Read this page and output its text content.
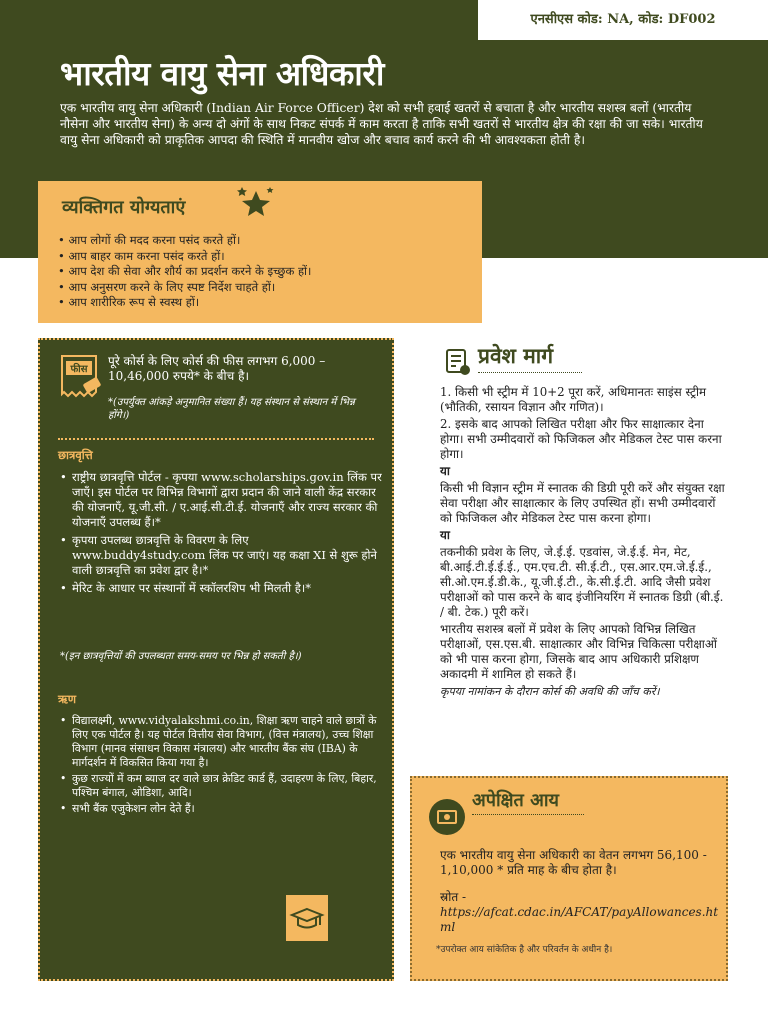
एनसीएस कोड: NA, कोड: DF002
भारतीय वायु सेना अधिकारी

एक भारतीय वायु सेना अधिकारी (Indian Air Force Officer) देश को सभी हवाई खतरों से बचाता है और भारतीय सशस्त्र बलों (भारतीय नौसेना और भारतीय सेना) के अन्य दो अंगों के साथ निकट संपर्क में काम करता है ताकि सभी खतरों से भारतीय क्षेत्र की रक्षा की जा सके। भारतीय वायु सेना अधिकारी को प्राकृतिक आपदा की स्थिति में मानवीय खोज और बचाव कार्य करने की भी आवश्यकता होती है।

व्यक्तिगत योग्यताएं
• आप लोगों की मदद करना पसंद करते हों।
• आप बाहर काम करना पसंद करते हों।
• आप देश की सेवा और शौर्य का प्रदर्शन करने के इच्छुक हों।
• आप अनुसरण करने के लिए स्पष्ट निर्देश चाहते हों।
• आप शारीरिक रूप से स्वस्थ हों।
फीस

पूरे कोर्स के लिए कोर्स की फीस लगभग 6,000 – 10,46,000 रुपये* के बीच है।

*(उपर्युक्त आंकड़े अनुमानित संख्या हैं। यह संस्थान से संस्थान में भिन्न होंगे।)

छात्रवृत्ति
• राष्ट्रीय छात्रवृत्ति पोर्टल - कृपया www.scholarships.gov.in लिंक पर जाएँ। इस पोर्टल पर विभिन्न विभागों द्वारा प्रदान की जाने वाली केंद्र सरकार की योजनाएँ, यू.जी.सी. / ए.आई.सी.टी.ई. योजनाएँ और राज्य सरकार की योजनाएँ उपलब्ध हैं।*
• कृपया उपलब्ध छात्रवृत्ति के विवरण के लिए www.buddy4study.com लिंक पर जाएं। यह कक्षा XI से शुरू होने वाली छात्रवृत्ति का प्रवेश द्वार है।*
• मेरिट के आधार पर संस्थानों में स्कॉलरशिप भी मिलती है।*

*(इन छात्रवृत्तियों की उपलब्धता समय-समय पर भिन्न हो सकती है।)

ऋण
• विद्यालक्ष्मी, www.vidyalakshmi.co.in, शिक्षा ऋण चाहने वाले छात्रों के लिए एक पोर्टल है। यह पोर्टल वित्तीय सेवा विभाग, (वित्त मंत्रालय), उच्च शिक्षा विभाग (मानव संसाधन विकास मंत्रालय) और भारतीय बैंक संघ (IBA) के मार्गदर्शन में विकसित किया गया है।
• कुछ राज्यों में कम ब्याज दर वाले छात्र क्रेडिट कार्ड हैं, उदाहरण के लिए, बिहार, पश्चिम बंगाल, ओडिशा, आदि।
• सभी बैंक एजुकेशन लोन देते हैं।
प्रवेश मार्ग

1. किसी भी स्ट्रीम में 10+2 पूरा करें, अधिमानतः साइंस स्ट्रीम (भौतिकी, रसायन विज्ञान और गणित)।

2. इसके बाद आपको लिखित परीक्षा और फिर साक्षात्कार देना होगा। सभी उम्मीदवारों को फिजिकल और मेडिकल टेस्ट पास करना होगा।

या

किसी भी विज्ञान स्ट्रीम में स्नातक की डिग्री पूरी करें और संयुक्त रक्षा सेवा परीक्षा और साक्षात्कार के लिए उपस्थित हों। सभी उम्मीदवारों को फिजिकल और मेडिकल टेस्ट पास करना होगा।

या

तकनीकी प्रवेश के लिए, जे.ई.ई. एडवांस, जे.ई.ई. मेन, मेट, बी.आई.टी.ई.ई.ई., एम.एच.टी. सी.ई.टी., एस.आर.एम.जे.ई.ई., सी.ओ.एम.ई.डी.के., यू.जी.ई.टी., के.सी.ई.टी. आदि जैसी प्रवेश परीक्षाओं को पास करने के बाद इंजीनियरिंग में स्नातक डिग्री (बी.ई. / बी. टेक.) पूरी करें।

भारतीय सशस्त्र बलों में प्रवेश के लिए आपको विभिन्न लिखित परीक्षाओं, एस.एस.बी. साक्षात्कार और विभिन्न चिकित्सा परीक्षाओं को भी पास करना होगा, जिसके बाद आप अधिकारी प्रशिक्षण अकादमी में शामिल हो सकते हैं।

कृपया नामांकन के दौरान कोर्स की अवधि की जाँच करें।

अपेक्षित आय

एक भारतीय वायु सेना अधिकारी का वेतन लगभग 56,100 - 1,10,000 * प्रति माह के बीच होता है।

स्रोत -
https://afcat.cdac.in/AFCAT/payAllowances.html

*उपरोक्त आय सांकेतिक है और परिवर्तन के अधीन है।
